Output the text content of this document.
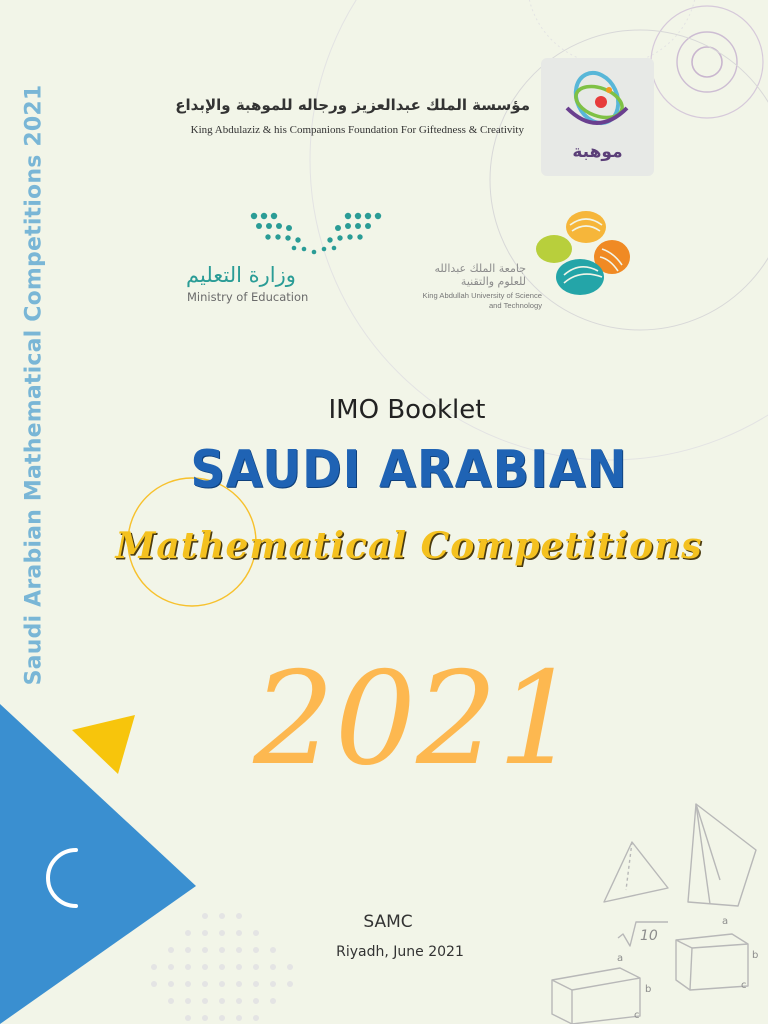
Saudi Arabian Mathematical Competitions 2021	موهبة
مؤسسة الملك عبدالعزيز ورجاله للموهبة والإبداع
King Abdulaziz & his Companions Foundation For Giftedness & Creativity
وزارة التعليم
Ministry of Education
جامعة الملك عبدالله للعلوم والتقنية
King Abdullah University of Science and Technology
IMO Booklet
SAUDI ARABIAN
Mathematical Competitions
2021
SAMC
Riyadh, June 2021
10
a
b
c
a
b
c
